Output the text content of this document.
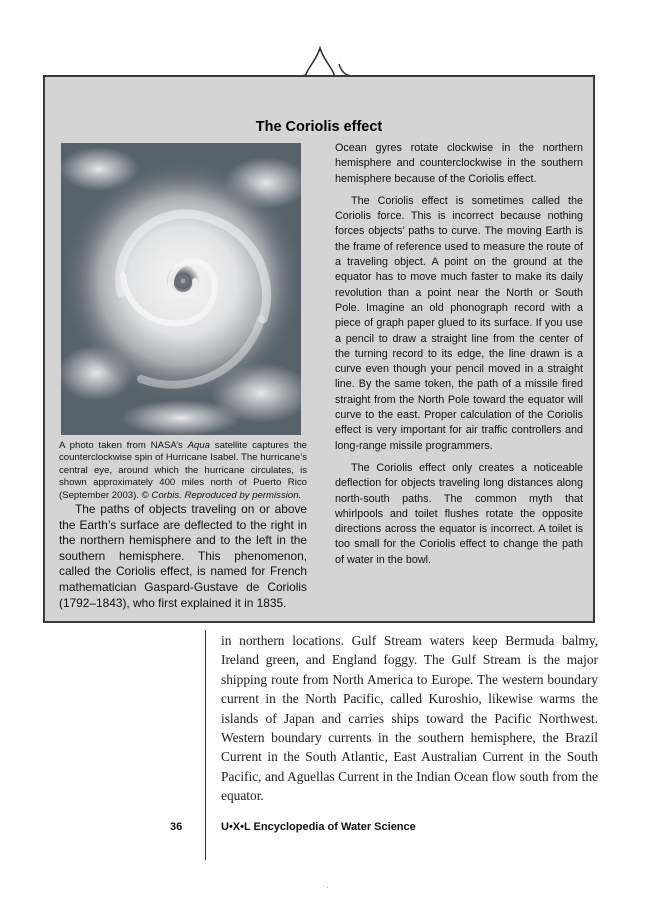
The Coriolis effect
A photo taken from NASA’s Aqua satellite captures the counterclockwise spin of Hurricane Isabel. The hurricane’s central eye, around which the hurricane circulates, is shown approximately 400 miles north of Puerto Rico (September 2003). © Corbis. Reproduced by permission.

The paths of objects traveling on or above the Earth’s surface are deflected to the right in the northern hemisphere and to the left in the southern hemisphere. This phenomenon, called the Coriolis effect, is named for French mathematician Gaspard-Gustave de Coriolis (1792–1843), who first explained it in 1835.

Ocean gyres rotate clockwise in the northern hemisphere and counterclockwise in the southern hemisphere because of the Coriolis effect.

The Coriolis effect is sometimes called the Coriolis force. This is incorrect because nothing forces objects’ paths to curve. The moving Earth is the frame of reference used to measure the route of a traveling object. A point on the ground at the equator has to move much faster to make its daily revolution than a point near the North or South Pole. Imagine an old phonograph record with a piece of graph paper glued to its surface. If you use a pencil to draw a straight line from the center of the turning record to its edge, the line drawn is a curve even though your pencil moved in a straight line. By the same token, the path of a missile fired straight from the North Pole toward the equator will curve to the east. Proper calculation of the Coriolis effect is very important for air traffic controllers and long-range missile programmers.

The Coriolis effect only creates a noticeable deflection for objects traveling long distances along north-south paths. The common myth that whirlpools and toilet flushes rotate the opposite directions across the equator is incorrect. A toilet is too small for the Coriolis effect to change the path of water in the bowl.

in northern locations. Gulf Stream waters keep Bermuda balmy, Ireland green, and England foggy. The Gulf Stream is the major shipping route from North America to Europe. The western boundary current in the North Pacific, called Kuroshio, likewise warms the islands of Japan and carries ships toward the Pacific Northwest. Western boundary currents in the southern hemisphere, the Brazil Current in the South Atlantic, East Australian Current in the South Pacific, and Aguellas Current in the Indian Ocean flow south from the equator.

36	U•X•L Encyclopedia of Water Science
·
